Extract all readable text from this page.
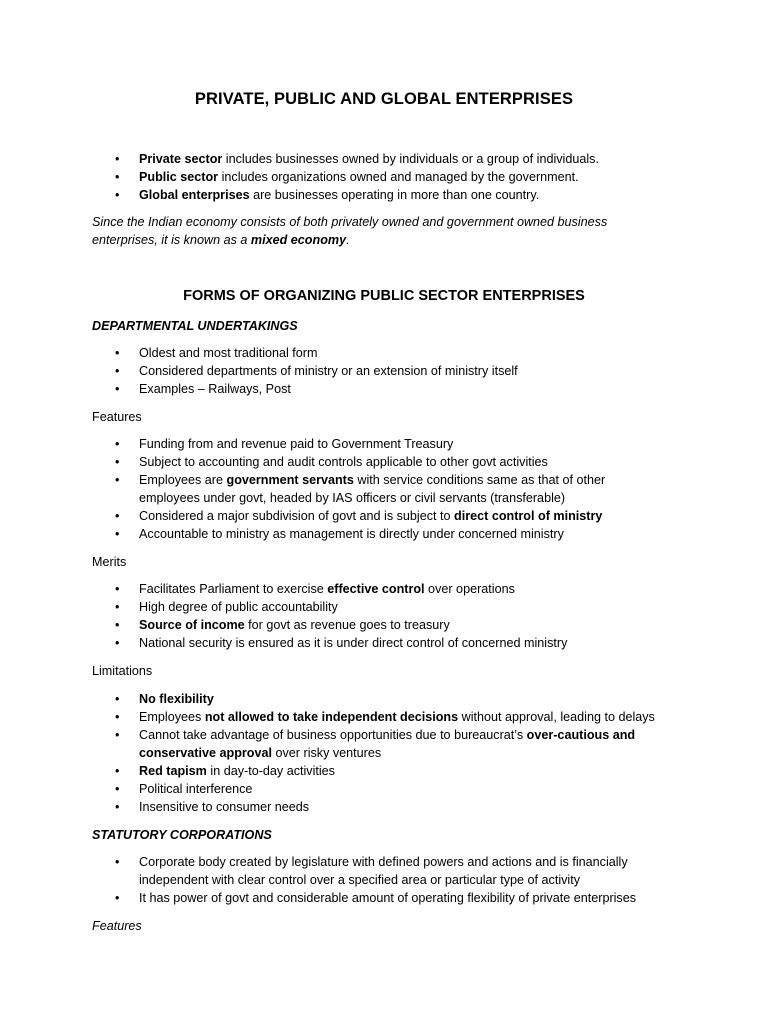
PRIVATE, PUBLIC AND GLOBAL ENTERPRISES
• Private sector includes businesses owned by individuals or a group of individuals.
• Public sector includes organizations owned and managed by the government.
• Global enterprises are businesses operating in more than one country.
Since the Indian economy consists of both privately owned and government owned business enterprises, it is known as a mixed economy.
FORMS OF ORGANIZING PUBLIC SECTOR ENTERPRISES
DEPARTMENTAL UNDERTAKINGS
• Oldest and most traditional form
• Considered departments of ministry or an extension of ministry itself
• Examples – Railways, Post
Features
• Funding from and revenue paid to Government Treasury
• Subject to accounting and audit controls applicable to other govt activities
• Employees are government servants with service conditions same as that of other employees under govt, headed by IAS officers or civil servants (transferable)
• Considered a major subdivision of govt and is subject to direct control of ministry
• Accountable to ministry as management is directly under concerned ministry
Merits
• Facilitates Parliament to exercise effective control over operations
• High degree of public accountability
• Source of income for govt as revenue goes to treasury
• National security is ensured as it is under direct control of concerned ministry
Limitations
• No flexibility
• Employees not allowed to take independent decisions without approval, leading to delays
• Cannot take advantage of business opportunities due to bureaucrat’s over-cautious and conservative approval over risky ventures
• Red tapism in day-to-day activities
• Political interference
• Insensitive to consumer needs
STATUTORY CORPORATIONS
• Corporate body created by legislature with defined powers and actions and is financially independent with clear control over a specified area or particular type of activity
• It has power of govt and considerable amount of operating flexibility of private enterprises
Features
